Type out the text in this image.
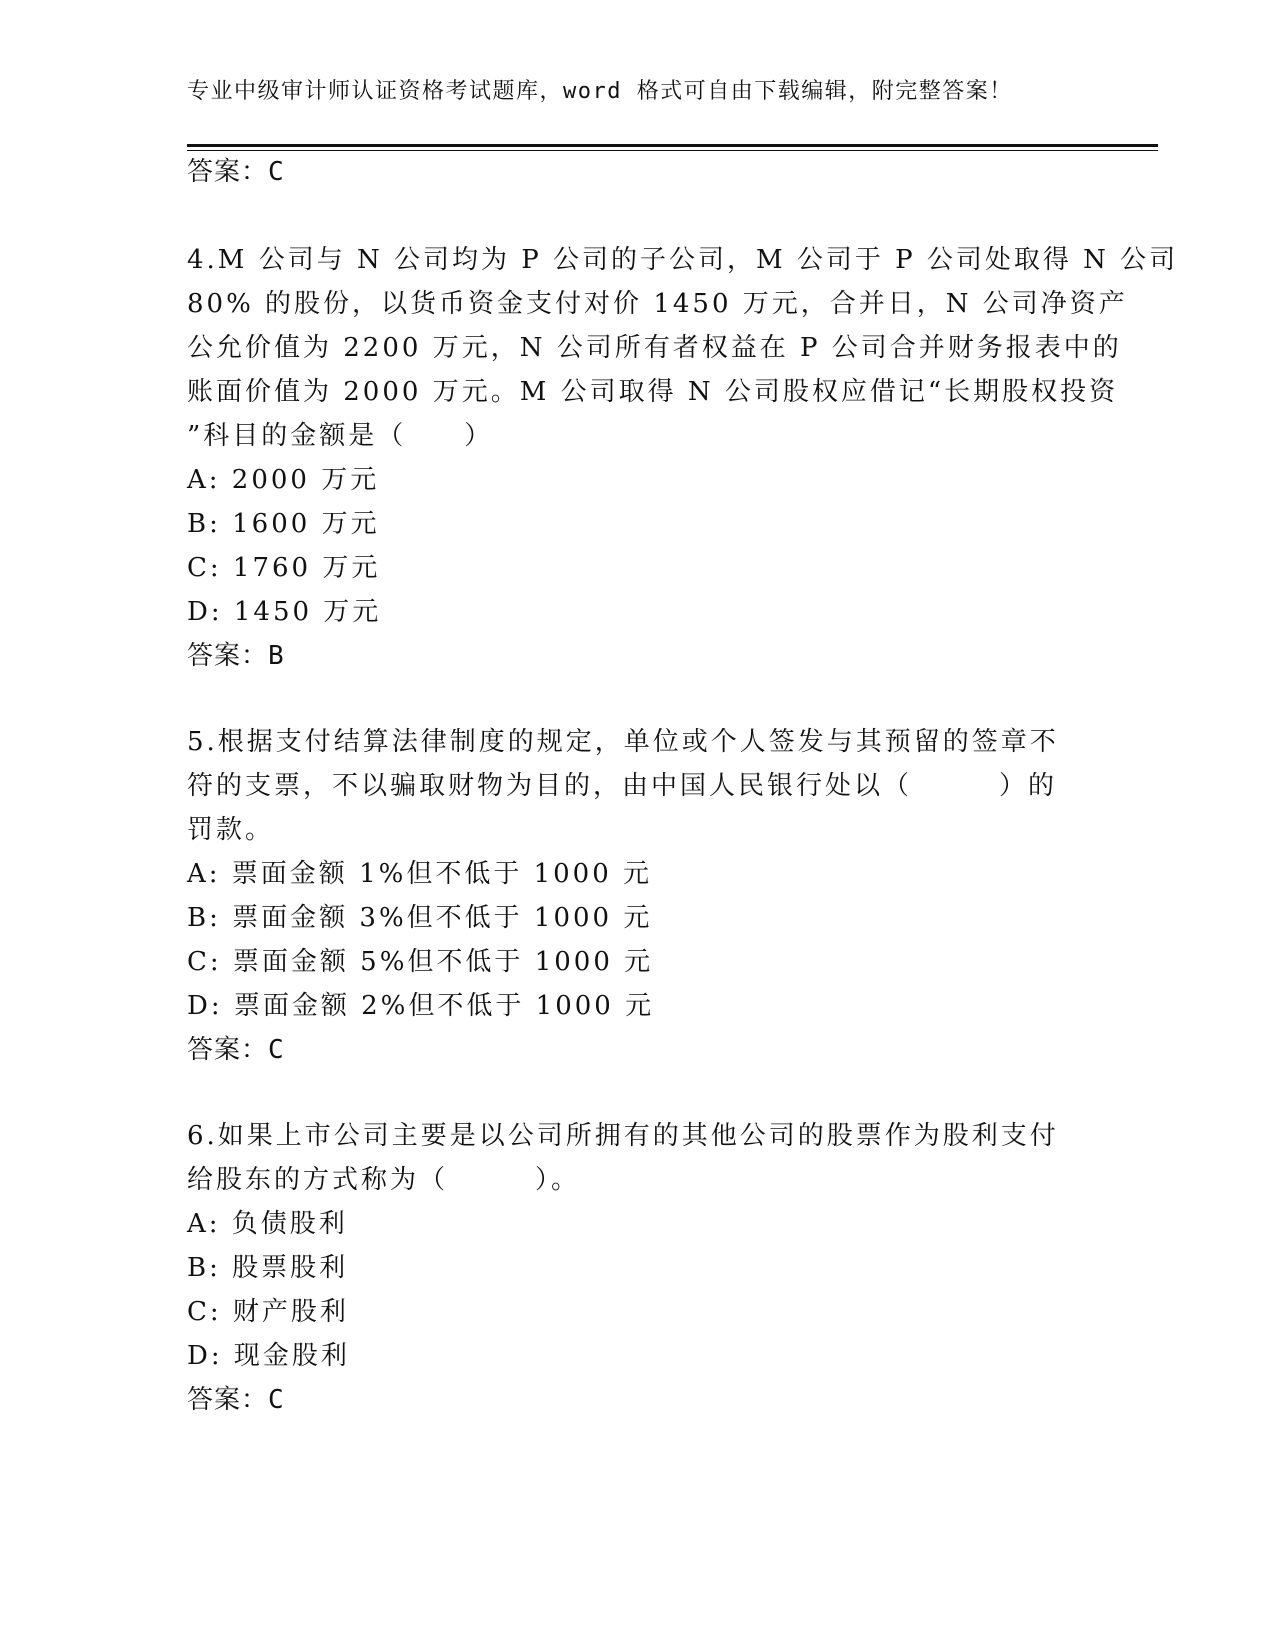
专业中级审计师认证资格考试题库，word 格式可自由下载编辑，附完整答案！
答案：C
4.M 公司与 N 公司均为 P 公司的子公司，M 公司于 P 公司处取得 N 公司
80% 的股份，以货币资金支付对价 1450 万元，合并日，N 公司净资产
公允价值为 2200 万元，N 公司所有者权益在 P 公司合并财务报表中的
账面价值为 2000 万元。M 公司取得 N 公司股权应借记“长期股权投资
”科目的金额是（　　）
A: 2000 万元
B: 1600 万元
C: 1760 万元
D: 1450 万元
答案：B
5.根据支付结算法律制度的规定，单位或个人签发与其预留的签章不
符的支票，不以骗取财物为目的，由中国人民银行处以（　　　）的
罚款。
A: 票面金额 1%但不低于 1000 元
B: 票面金额 3%但不低于 1000 元
C: 票面金额 5%但不低于 1000 元
D: 票面金额 2%但不低于 1000 元
答案：C
6.如果上市公司主要是以公司所拥有的其他公司的股票作为股利支付
给股东的方式称为（　　　）。
A: 负债股利
B: 股票股利
C: 财产股利
D: 现金股利
答案：C
